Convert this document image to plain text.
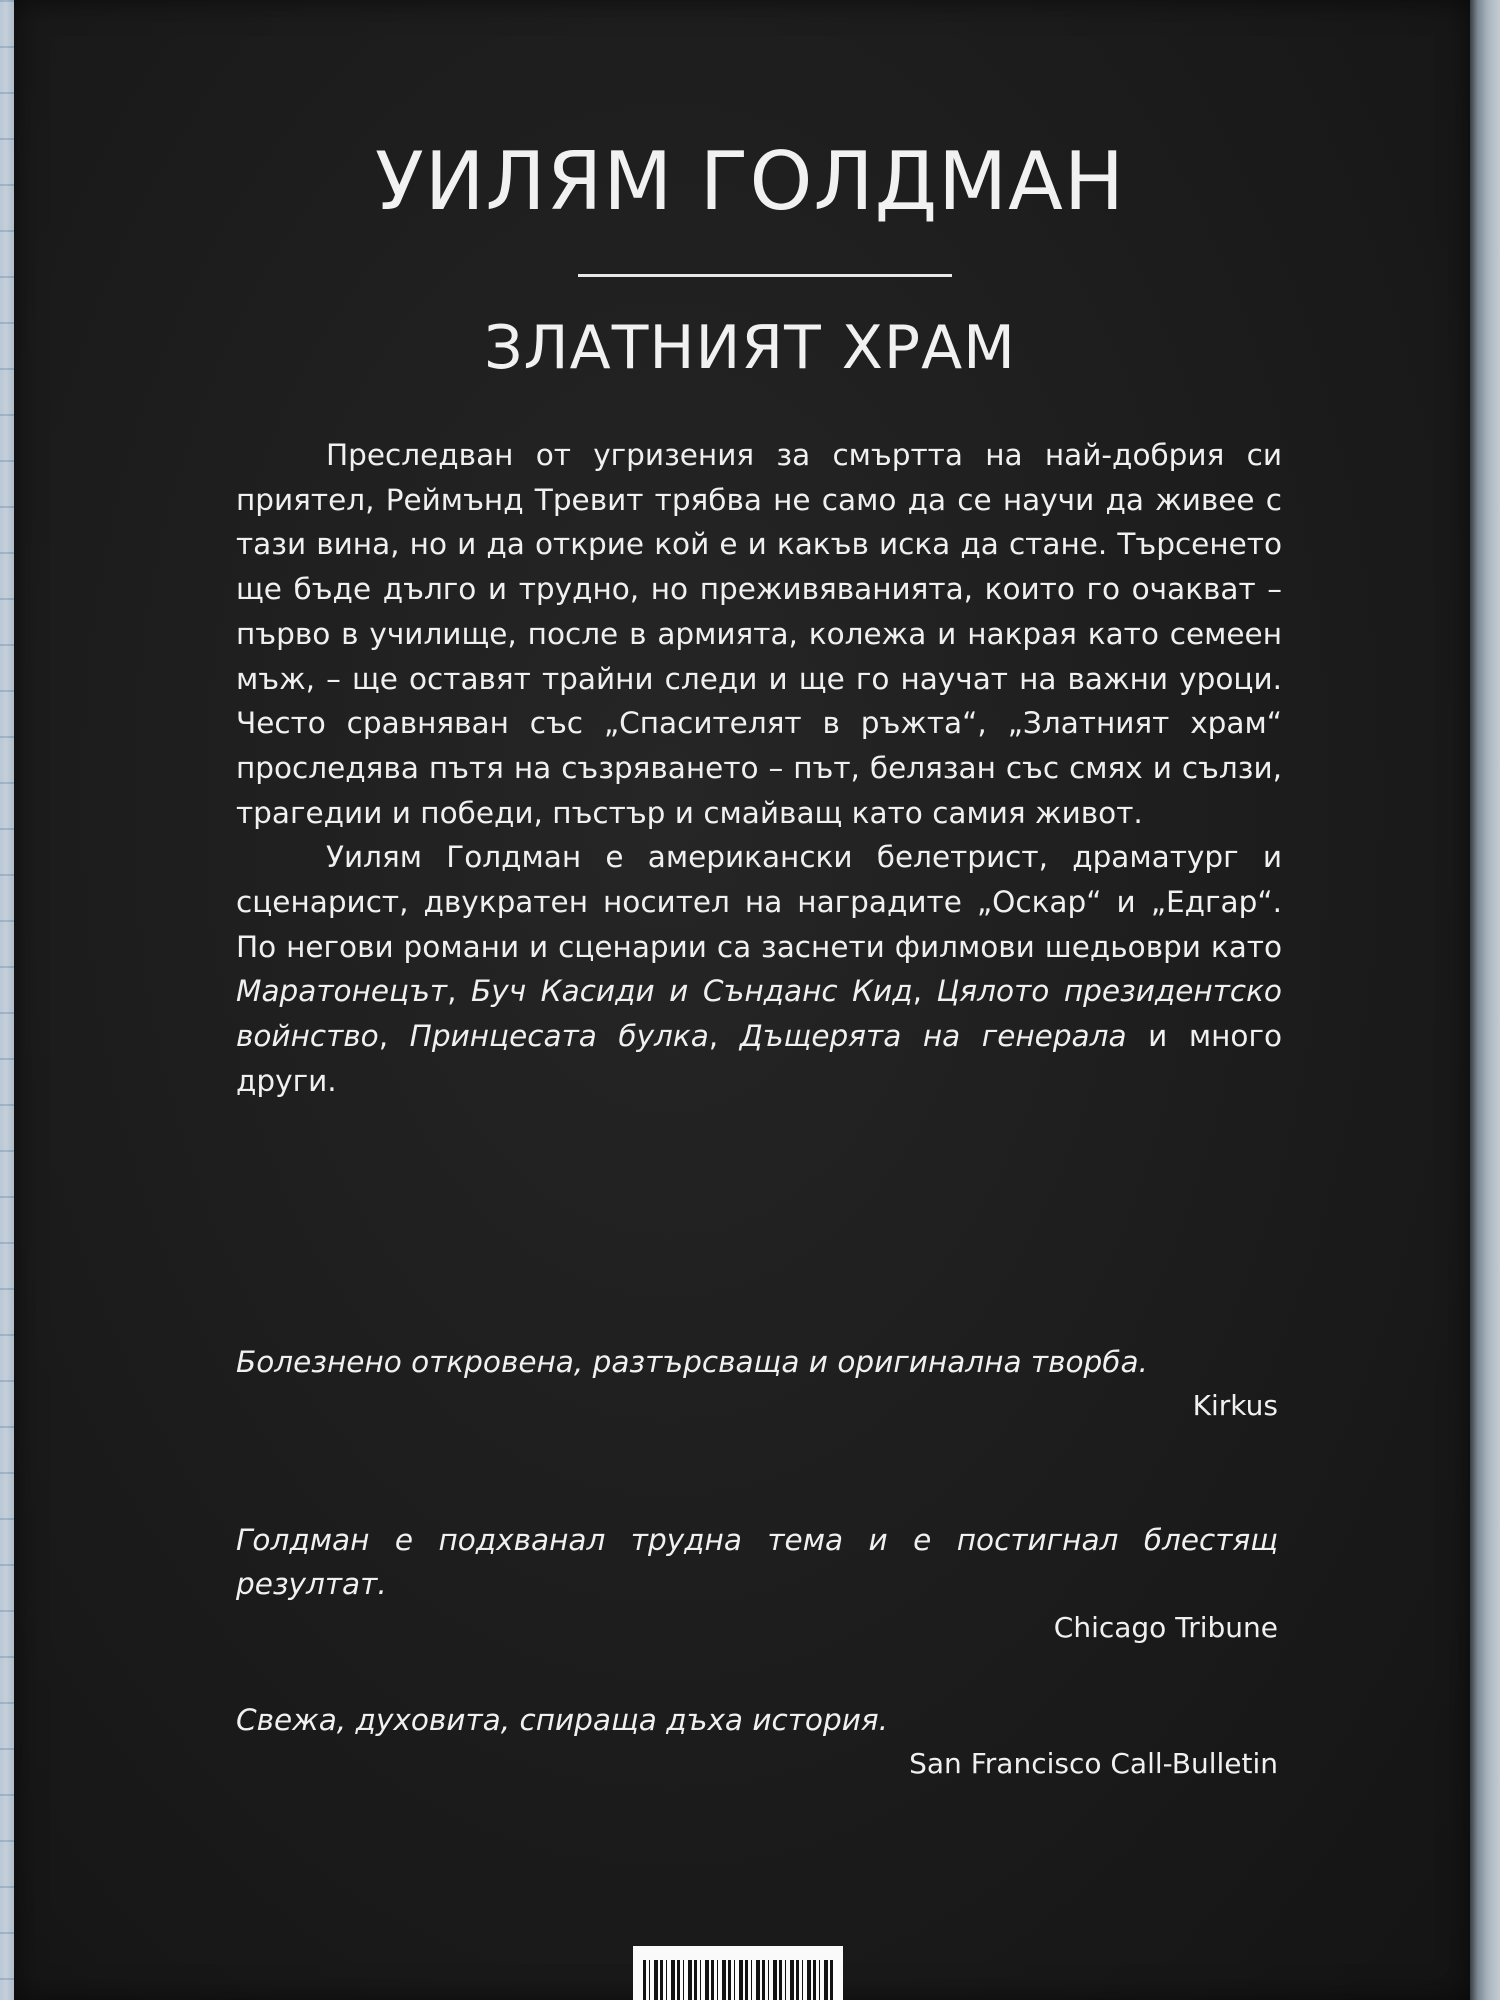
УИЛЯМ ГОЛДМАН
ЗЛАТНИЯТ ХРАМ

Преследван от угризения за смъртта на най-добрия си приятел, Реймънд Тревит трябва не само да се научи да живее с тази вина, но и да открие кой е и какъв иска да стане. Търсенето ще бъде дълго и трудно, но преживяванията, които го очакват – първо в училище, после в армията, колежа и накрая като семеен мъж, – ще оставят трайни следи и ще го научат на важни уроци. Често сравняван със „Спасителят в ръжта“, „Златният храм“ проследява пътя на съзряването – път, белязан със смях и сълзи, трагедии и победи, пъстър и смайващ като самия живот.

Уилям Голдман е американски белетрист, драматург и сценарист, двукратен носител на наградите „Оскар“ и „Едгар“. По негови романи и сценарии са заснети филмови шедьоври като Маратонецът, Буч Касиди и Сънданс Кид, Цялото президентско войнство, Принцесата булка, Дъщерята на генерала и много други.

Болезнено откровена, разтърсваща и оригинална творба.

Kirkus

Голдман е подхванал трудна тема и е постигнал блестящ резултат.

Chicago Tribune

Свежа, духовита, спираща дъха история.

San Francisco Call-Bulletin
